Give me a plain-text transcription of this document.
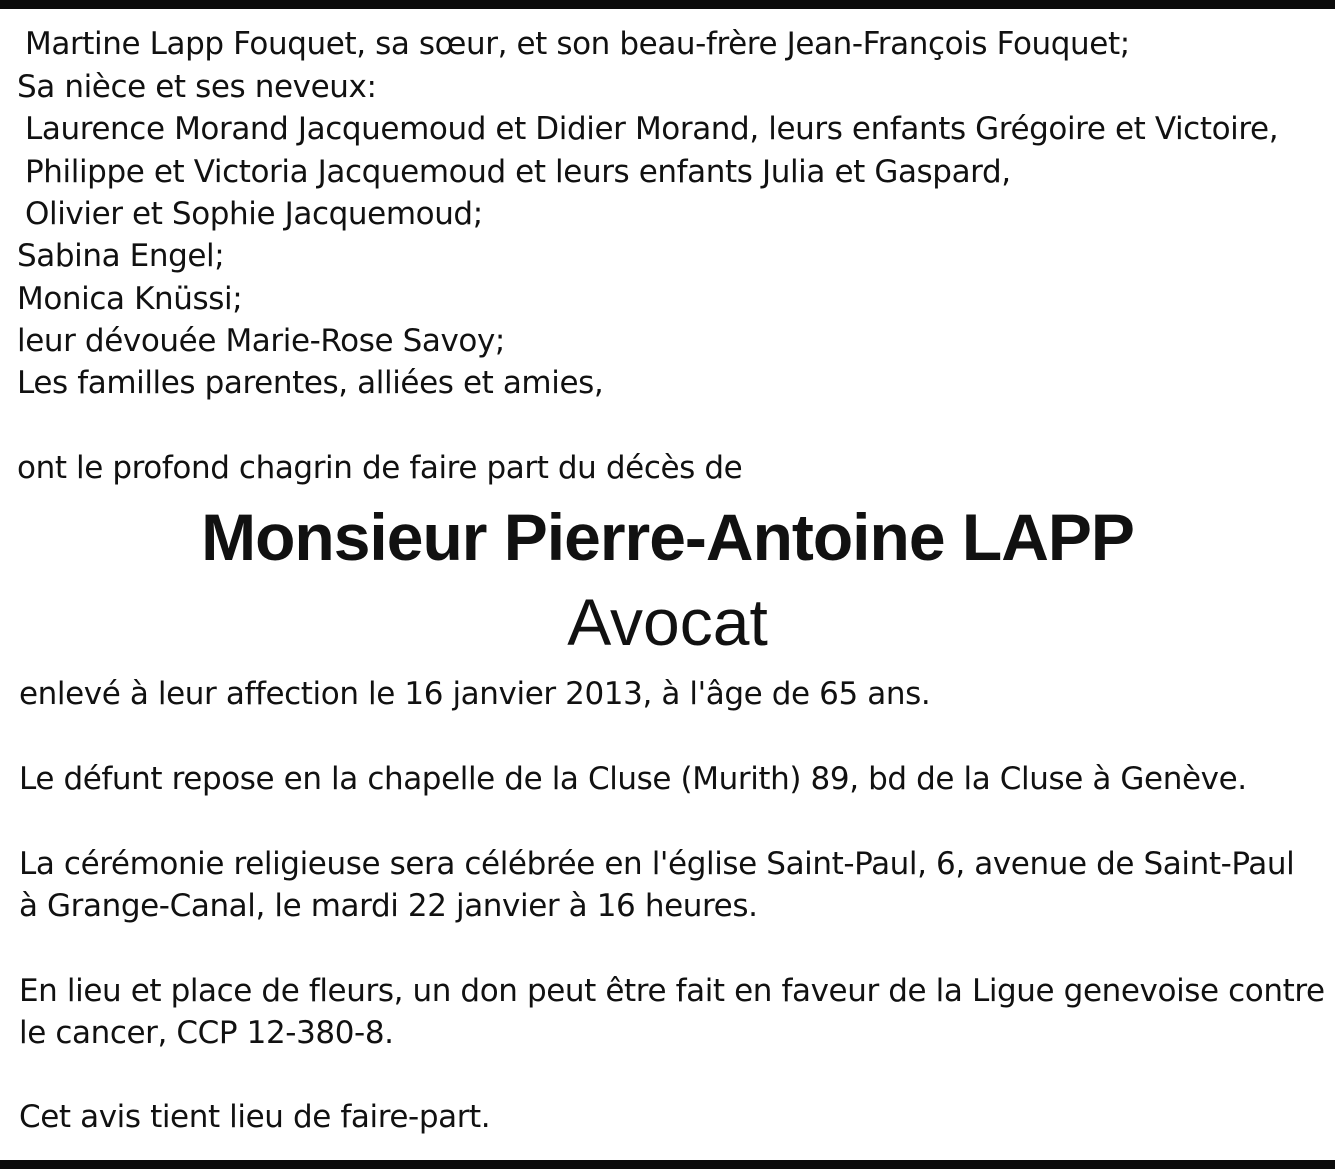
Martine Lapp Fouquet, sa sœur, et son beau-frère Jean-François Fouquet;
Sa nièce et ses neveux:
Laurence Morand Jacquemoud et Didier Morand, leurs enfants Grégoire et Victoire,
Philippe et Victoria Jacquemoud et leurs enfants Julia et Gaspard,
Olivier et Sophie Jacquemoud;
Sabina Engel;
Monica Knüssi;
leur dévouée Marie-Rose Savoy;
Les familles parentes, alliées et amies,
ont le profond chagrin de faire part du décès de
Monsieur Pierre-Antoine LAPP
Avocat
enlevé à leur affection le 16 janvier 2013, à l'âge de 65 ans.
Le défunt repose en la chapelle de la Cluse (Murith) 89, bd de la Cluse à Genève.
La cérémonie religieuse sera célébrée en l'église Saint-Paul, 6, avenue de Saint-Paul
à Grange-Canal, le mardi 22 janvier à 16 heures.
En lieu et place de fleurs, un don peut être fait en faveur de la Ligue genevoise contre
le cancer, CCP 12-380-8.
Cet avis tient lieu de faire-part.
